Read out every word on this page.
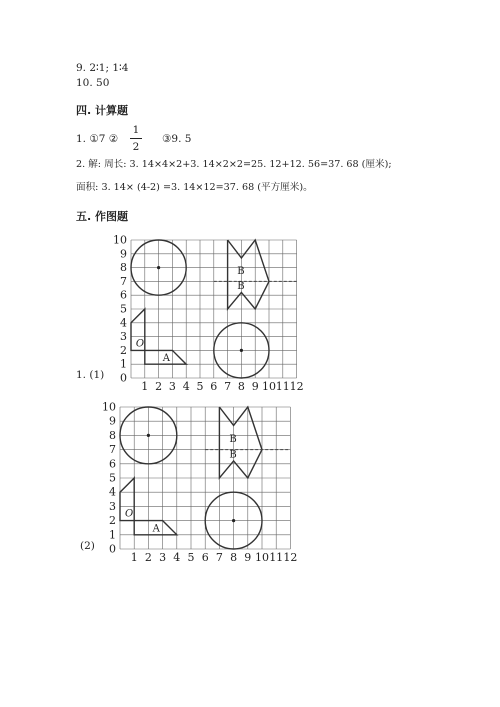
9. 2∶1; 1∶4
10. 50
四. 计算题
1. ①7 ②
1
2
③9. 5
2. 解: 周长: 3. 14×4×2+3. 14×2×2=25. 12+12. 56=37. 68 (厘米);
面积: 3. 14× (4-2) =3. 14×12=37. 68 (平方厘米)。
五. 作图题
1. (1)
(2)
0
1
2
3
4
5
6
7
8
9
10
1 2 3 4 5 6 7 8 9 10 11 12
O
A
B
B
0
1
2
3
4
5
6
7
8
9
10
1 2 3 4 5 6 7 8 9 10 11 12
O
A
B
B
